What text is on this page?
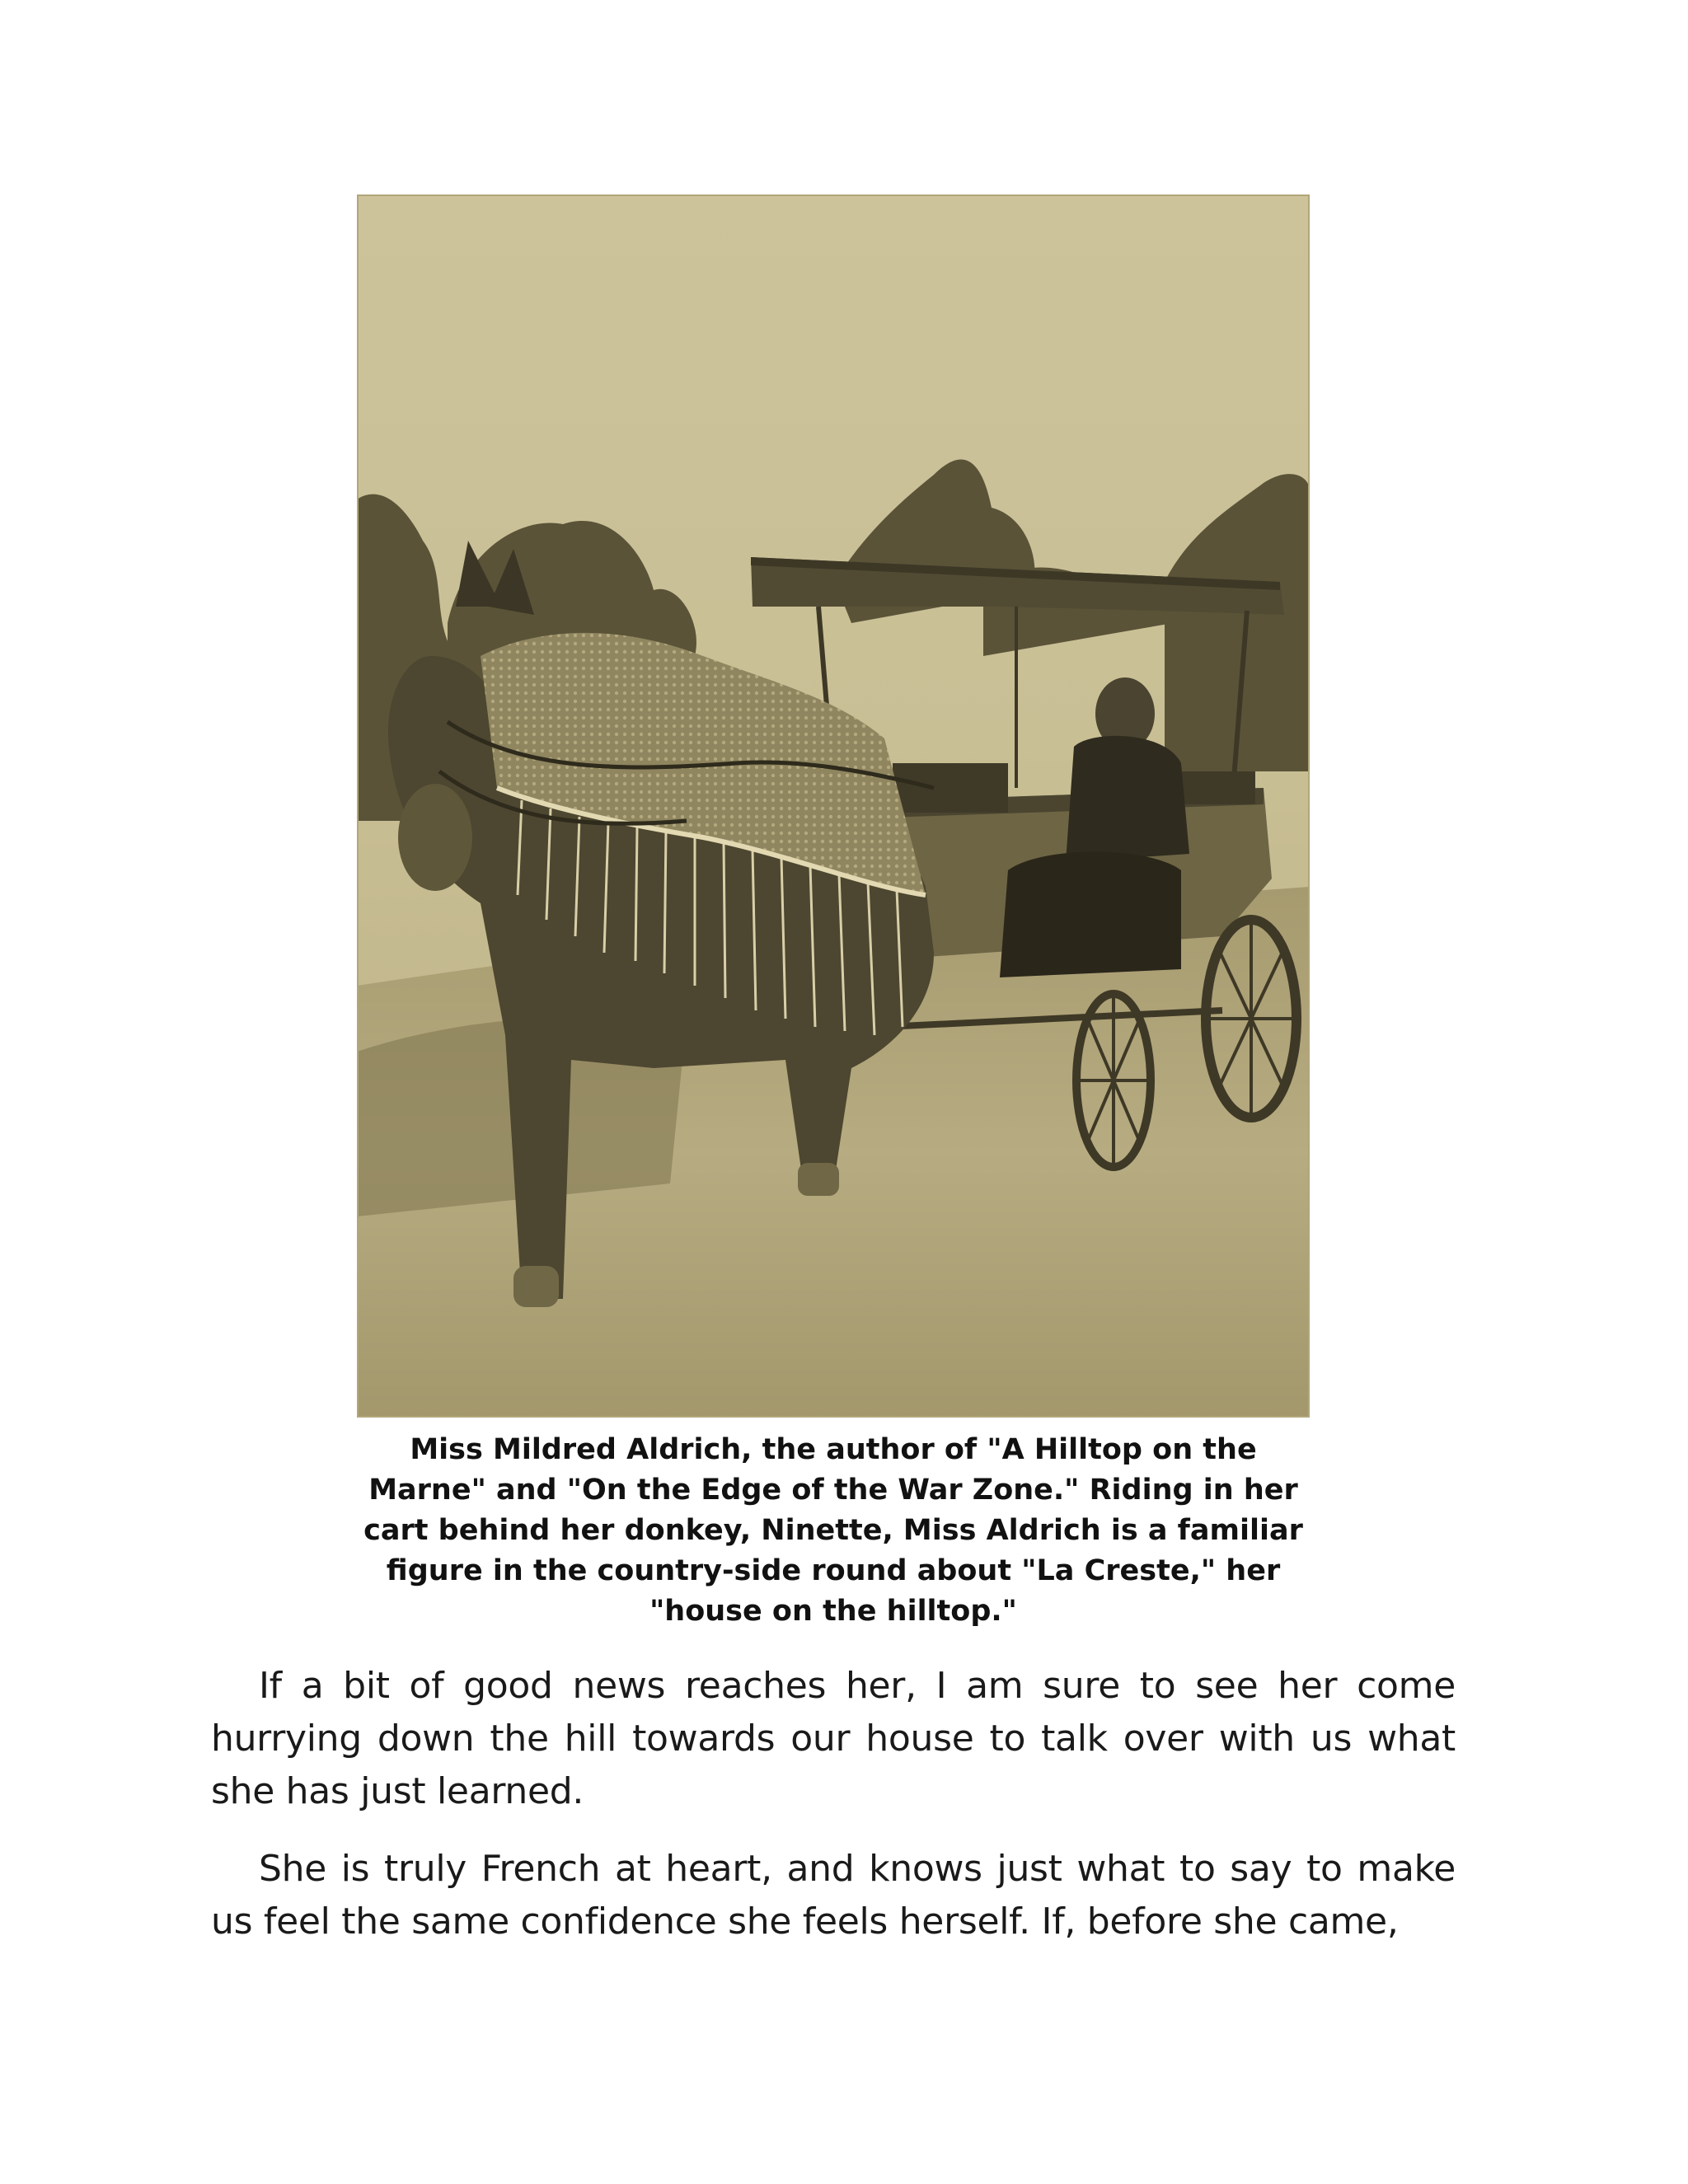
Miss Mildred Aldrich, the author of "A Hilltop on the Marne" and "On the Edge of the War Zone." Riding in her cart behind her donkey, Ninette, Miss Aldrich is a familiar figure in the country-side round about "La Creste," her "house on the hilltop."

If a bit of good news reaches her, I am sure to see her come hurrying down the hill towards our house to talk over with us what she has just learned.

She is truly French at heart, and knows just what to say to make us feel the same confidence she feels herself. If, before she came,
